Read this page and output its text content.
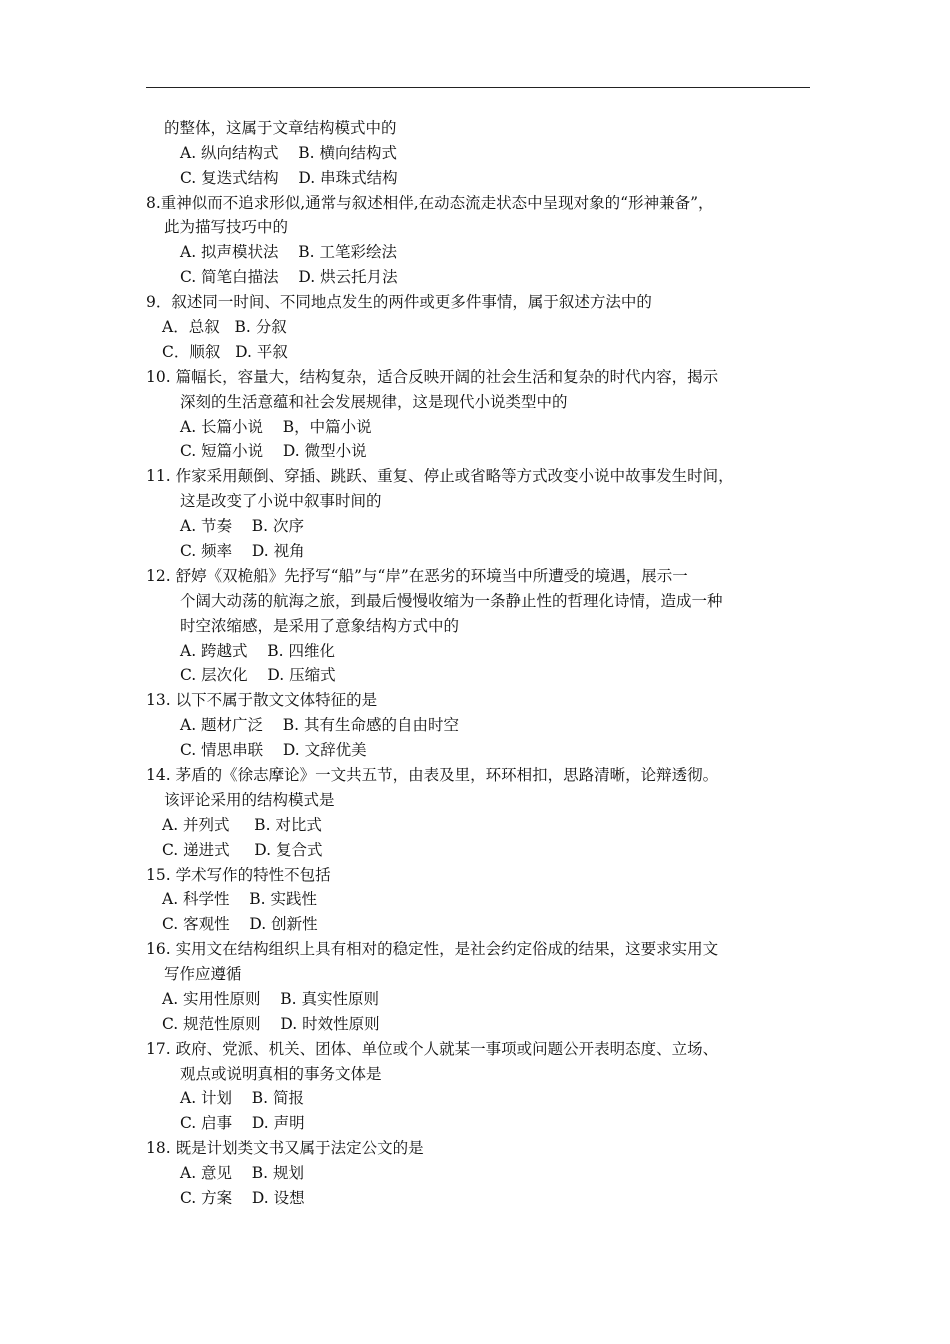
的整体，这属于文章结构模式中的
A. 纵向结构式    B. 横向结构式
C. 复迭式结构    D. 串珠式结构
8.重神似而不追求形似,通常与叙述相伴,在动态流走状态中呈现对象的“形神兼备”，
此为描写技巧中的
A. 拟声模状法    B. 工笔彩绘法
C. 简笔白描法    D. 烘云托月法
9．叙述同一时间、不同地点发生的两件或更多件事情，属于叙述方法中的
A．总叙   B. 分叙
C．顺叙   D. 平叙
10. 篇幅长，容量大，结构复杂，适合反映开阔的社会生活和复杂的时代内容，揭示
深刻的生活意蕴和社会发展规律，这是现代小说类型中的
A. 长篇小说    B，中篇小说
C. 短篇小说    D. 微型小说
11. 作家采用颠倒、穿插、跳跃、重复、停止或省略等方式改变小说中故事发生时间，
这是改变了小说中叙事时间的
A. 节奏    B. 次序
C. 频率    D. 视角
12. 舒婷《双桅船》先抒写“船”与“岸”在恶劣的环境当中所遭受的境遇，展示一
个阔大动荡的航海之旅，到最后慢慢收缩为一条静止性的哲理化诗情，造成一种
时空浓缩感，是采用了意象结构方式中的
A. 跨越式    B. 四维化
C. 层次化    D. 压缩式
13. 以下不属于散文文体特征的是
A. 题材广泛    B. 其有生命感的自由时空
C. 情思串联    D. 文辞优美
14. 茅盾的《徐志摩论》一文共五节，由表及里，环环相扣，思路清晰，论辩透彻。
该评论采用的结构模式是
A. 并列式     B. 对比式
C. 递进式     D. 复合式
15. 学术写作的特性不包括
A. 科学性    B. 实践性
C. 客观性    D. 创新性
16. 实用文在结构组织上具有相对的稳定性，是社会约定俗成的结果，这要求实用文
写作应遵循
A. 实用性原则    B. 真实性原则
C. 规范性原则    D. 时效性原则
17. 政府、党派、机关、团体、单位或个人就某一事项或问题公开表明态度、立场、
观点或说明真相的事务文体是
A. 计划    B. 简报
C. 启事    D. 声明
18. 既是计划类文书又属于法定公文的是
A. 意见    B. 规划
C. 方案    D. 设想
